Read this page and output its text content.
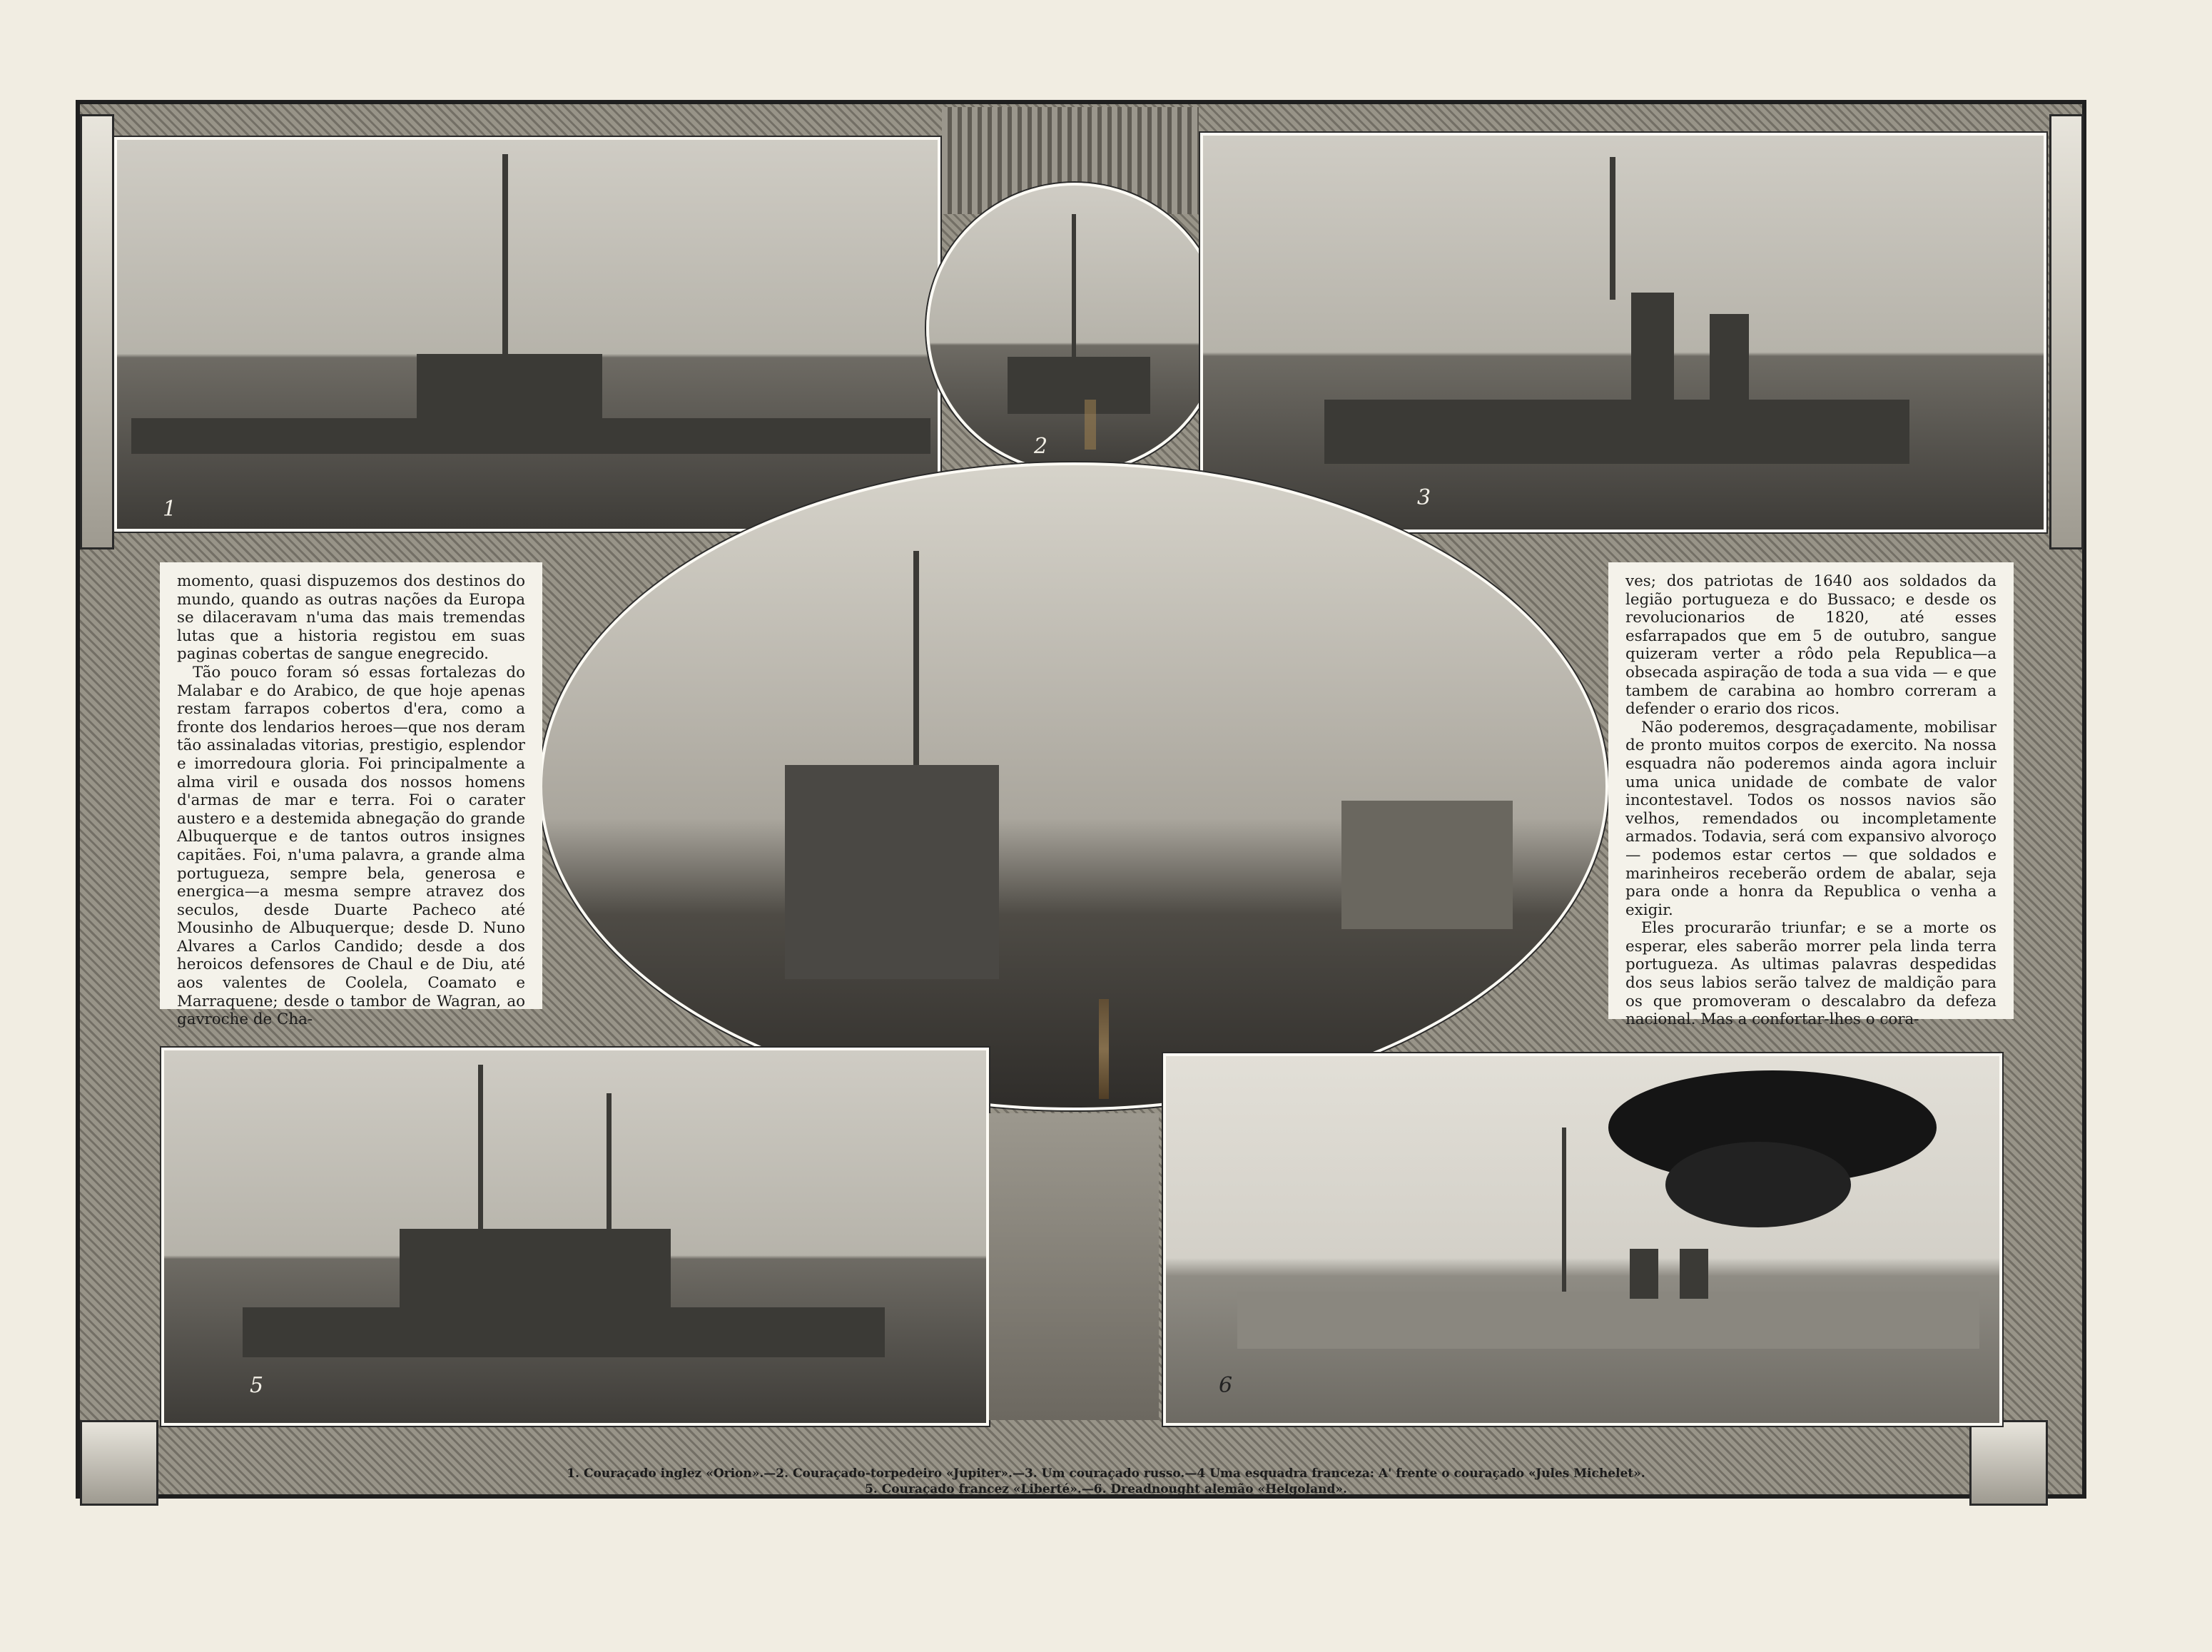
1
2
3

momento, quasi dispuzemos dos destinos do mundo, quando as outras nações da Europa se dilaceravam n'uma das mais tremendas lutas que a historia registou em suas paginas cobertas de sangue enegrecido.

Tão pouco foram só essas fortalezas do Malabar e do Arabico, de que hoje apenas restam farrapos cobertos d'era, como a fronte dos lendarios heroes—que nos deram tão assinaladas vitorias, prestigio, esplendor e imorredoura gloria. Foi principalmente a alma viril e ousada dos nossos homens d'armas de mar e terra. Foi o carater austero e a destemida abnegação do grande Albuquerque e de tantos outros insignes capitães. Foi, n'uma palavra, a grande alma portugueza, sempre bela, generosa e energica—a mesma sempre atravez dos seculos, desde Duarte Pacheco até Mousinho de Albuquerque; desde D. Nuno Alvares a Carlos Candido; desde a dos heroicos defensores de Chaul e de Diu, até aos valentes de Coolela, Coamato e Marraquene; desde o tambor de Wagran, ao gavroche de Cha-

ves; dos patriotas de 1640 aos soldados da legião portugueza e do Bussaco; e desde os revolucionarios de 1820, até esses esfarrapados que em 5 de outubro, sangue quizeram verter a rôdo pela Republica—a obsecada aspiração de toda a sua vida — e que tambem de carabina ao hombro correram a defender o erario dos ricos.

Não poderemos, desgraçadamente, mobilisar de pronto muitos corpos de exercito. Na nossa esquadra não poderemos ainda agora incluir uma unica unidade de combate de valor incontestavel. Todos os nossos navios são velhos, remendados ou incompletamente armados. Todavia, será com expansivo alvoroço — podemos estar certos — que soldados e marinheiros receberão ordem de abalar, seja para onde a honra da Republica o venha a exigir.

Eles procurarão triunfar; e se a morte os esperar, eles saberão morrer pela linda terra portugueza. As ultimas palavras despedidas dos seus labios serão talvez de maldição para os que promoveram o descalabro da defeza nacional. Mas a confortar-lhes o cora-

5	6
1. Couraçado inglez «Orion».—2. Couraçado-torpedeiro «Jupiter».—3. Um couraçado russo.—4 Uma esquadra franceza: A' frente o couraçado «Jules Michelet».
5. Couraçado francez «Liberté».—6. Dreadnought alemão «Helgoland».
